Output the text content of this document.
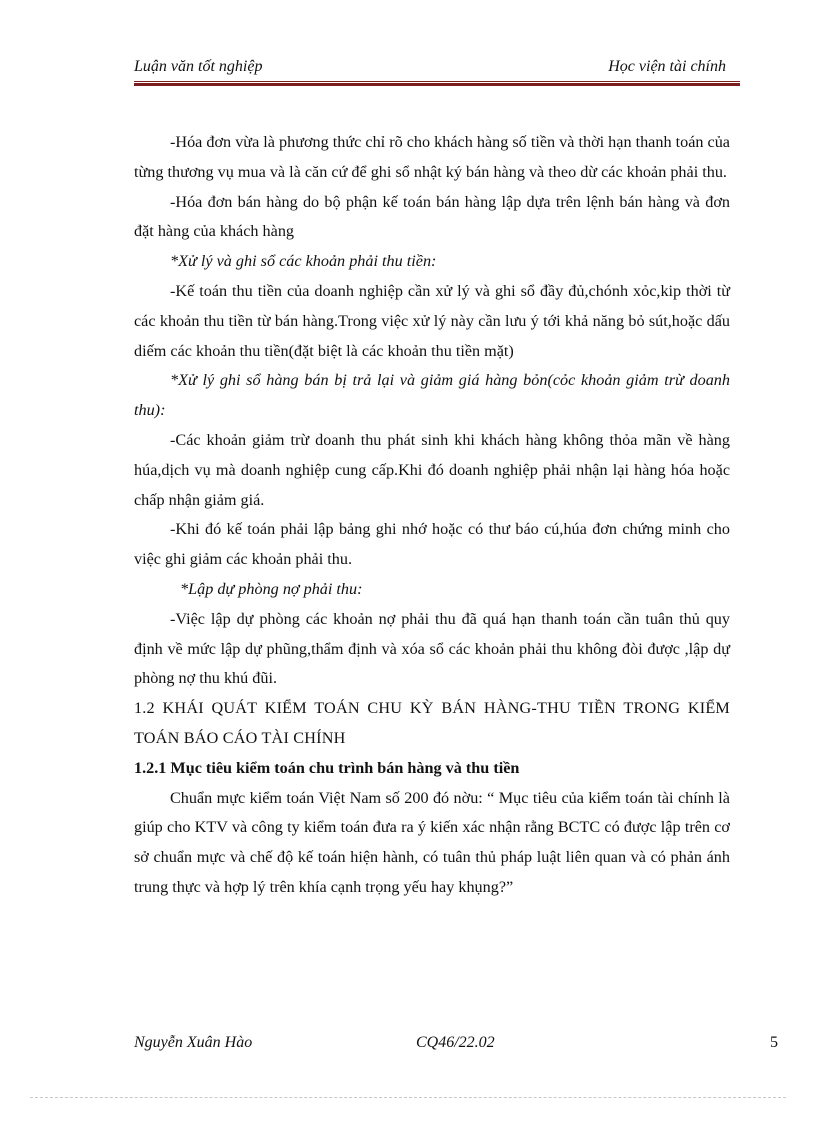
Luận văn tốt nghiệp	Học viện tài chính

-Hóa đơn vừa là phương thức chỉ rõ cho khách hàng số tiền và thời hạn thanh toán của từng thương vụ mua và là căn cứ để ghi sổ nhật ký bán hàng và theo dừ các khoản phải thu.

-Hóa đơn bán hàng do bộ phận kế toán bán hàng lập dựa trên lệnh bán hàng và đơn đặt hàng của khách hàng

*Xử lý và ghi sổ các khoản phải thu tiền:

-Kế toán thu tiền của doanh nghiệp cần xử lý và ghi sổ đầy đủ,chónh xỏc,kip thời từ các khoản thu tiền từ bán hàng.Trong việc xử lý này cần lưu ý tới khả năng bỏ sút,hoặc dấu diếm các khoản thu tiền(đặt biệt là các khoản thu tiền mặt)

*Xử lý ghi sổ hàng bán bị trả lại và giảm giá hàng bỏn(cỏc khoản giảm trừ doanh thu):

-Các khoản giảm trừ doanh thu phát sinh khi khách hàng không thỏa mãn về hàng húa,dịch vụ mà doanh nghiệp cung cấp.Khi đó doanh nghiệp phải nhận lại hàng hóa hoặc chấp nhận giảm giá.

-Khi đó kế toán phải lập bảng ghi nhớ hoặc có thư báo cú,húa đơn chứng minh cho việc ghi giảm các khoản phải thu.

*Lập dự phòng nợ phải thu:

-Việc lập dự phòng các khoản nợ phải thu đã quá hạn thanh toán cần tuân thủ quy định về mức lập dự phũng,thẩm định và xóa sổ các khoản phải thu không đòi được ,lập dự phòng nợ thu khú đũi.

1.2 KHÁI QUÁT KIỂM TOÁN CHU KỲ BÁN HÀNG-THU TIỀN TRONG KIỂM TOÁN BÁO CÁO TÀI CHÍNH

1.2.1 Mục tiêu kiểm toán chu trình bán hàng và thu tiền

Chuẩn mực kiểm toán Việt Nam số 200 đó nờu: “ Mục tiêu của kiểm toán tài chính là giúp cho KTV và công ty kiểm toán đưa ra ý kiến xác nhận rằng BCTC có được lập trên cơ sở chuẩn mực và chế độ kế toán hiện hành, có tuân thủ pháp luật liên quan và có phản ánh trung thực và hợp lý trên khía cạnh trọng yếu hay khụng?”

Nguyễn Xuân Hào	CQ46/22.02	5
